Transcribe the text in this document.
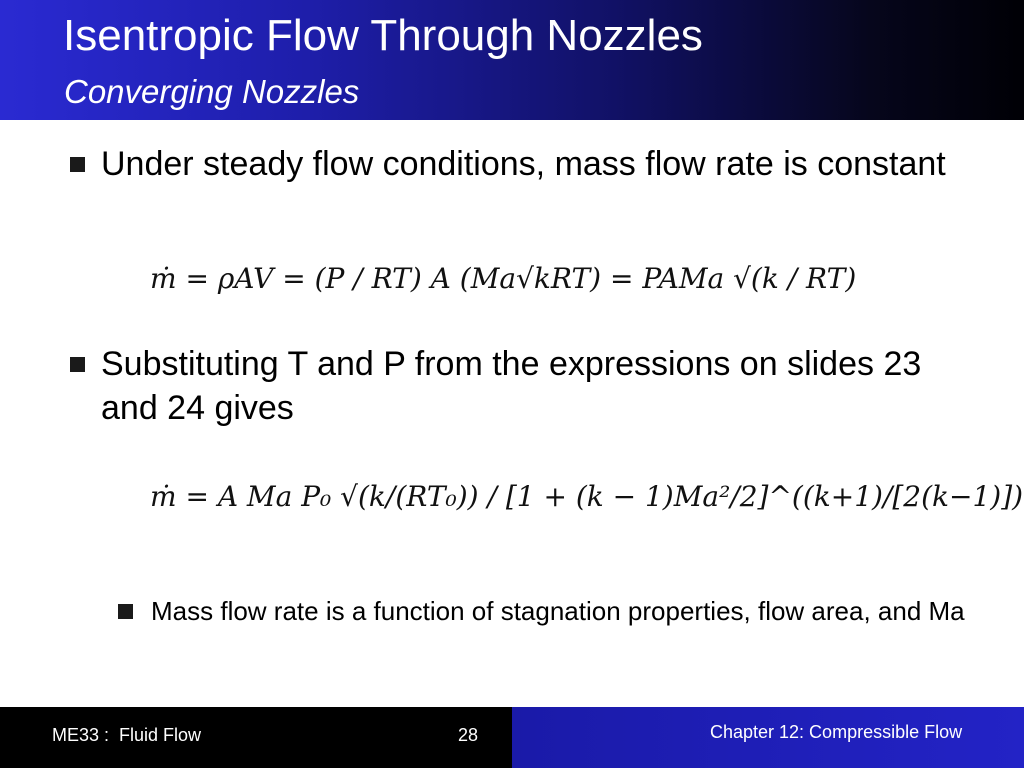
Isentropic Flow Through Nozzles
Converging Nozzles
Under steady flow conditions, mass flow rate is constant
ṁ = ρAV = (P / RT) A (Ma√kRT) = PAMa √(k / RT)
Substituting T and P from the expressions on slides 23 and 24 gives
ṁ = A Ma P₀ √(k/(RT₀)) / [1 + (k − 1)Ma²/2]^((k+1)/[2(k−1)])
Mass flow rate is a function of stagnation properties, flow area, and Ma
ME33 :  Fluid Flow	28	Chapter 12: Compressible Flow
